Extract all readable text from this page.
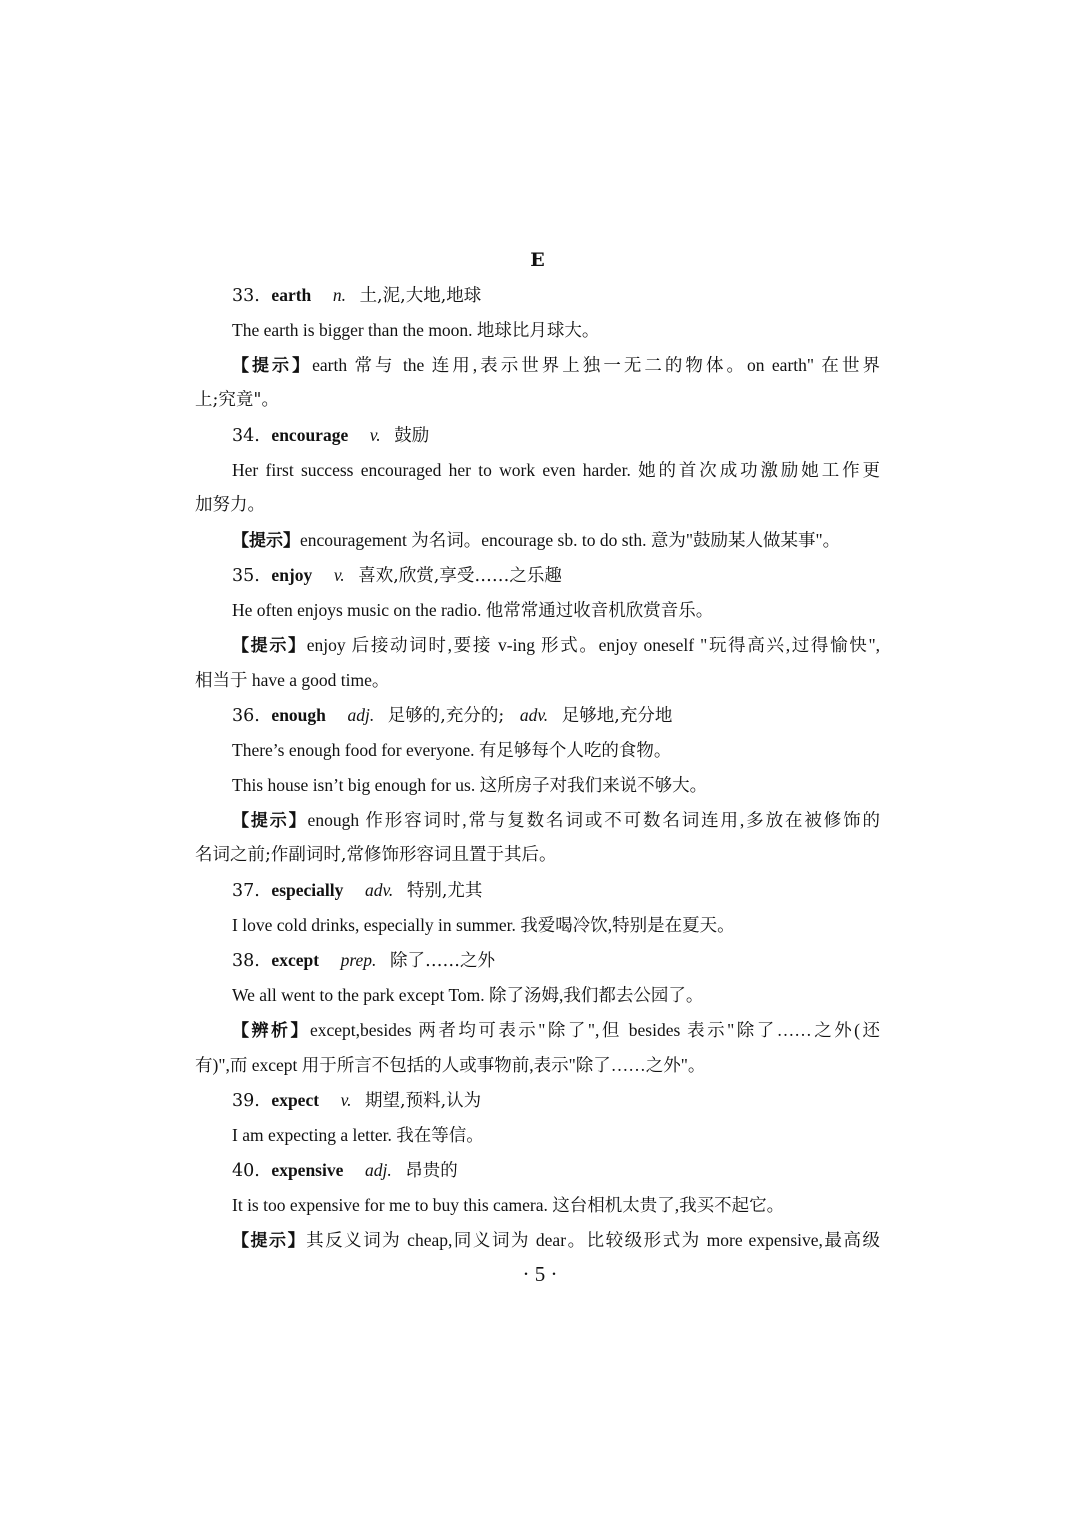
E
33. earth n. 土,泥,大地,地球
The earth is bigger than the moon. 地球比月球大。
【提示】earth 常与 the 连用,表示世界上独一无二的物体。on earth" 在世界
上;究竟"。
34. encourage v. 鼓励
Her first success encouraged her to work even harder. 她的首次成功激励她工作更
加努力。
【提示】encouragement 为名词。encourage sb. to do sth. 意为"鼓励某人做某事"。
35. enjoy v. 喜欢,欣赏,享受……之乐趣
He often enjoys music on the radio. 他常常通过收音机欣赏音乐。
【提示】enjoy 后接动词时,要接 v-ing 形式。enjoy oneself "玩得高兴,过得愉快",
相当于 have a good time。
36. enough adj. 足够的,充分的; adv. 足够地,充分地
There’s enough food for everyone. 有足够每个人吃的食物。
This house isn’t big enough for us. 这所房子对我们来说不够大。
【提示】enough 作形容词时,常与复数名词或不可数名词连用,多放在被修饰的
名词之前;作副词时,常修饰形容词且置于其后。
37. especially adv. 特别,尤其
I love cold drinks, especially in summer. 我爱喝冷饮,特别是在夏天。
38. except prep. 除了……之外
We all went to the park except Tom. 除了汤姆,我们都去公园了。
【辨析】except,besides 两者均可表示"除了",但 besides 表示"除了……之外(还
有)",而 except 用于所言不包括的人或事物前,表示"除了……之外"。
39. expect v. 期望,预料,认为
I am expecting a letter. 我在等信。
40. expensive adj. 昂贵的
It is too expensive for me to buy this camera. 这台相机太贵了,我买不起它。
【提示】其反义词为 cheap,同义词为 dear。比较级形式为 more expensive,最高级
· 5 ·
